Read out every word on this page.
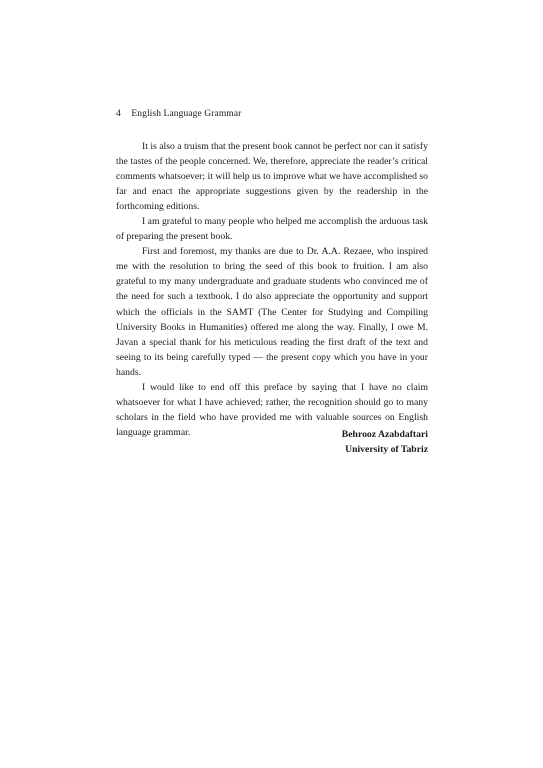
4 English Language Grammar

It is also a truism that the present book cannot be perfect nor can it satisfy the tastes of the people concerned. We, therefore, appreciate the reader’s critical comments whatsoever; it will help us to improve what we have accomplished so far and enact the appropriate suggestions given by the readership in the forthcoming editions.

I am grateful to many people who helped me accomplish the arduous task of preparing the present book.

First and foremost, my thanks are due to Dr. A.A. Rezaee, who inspired me with the resolution to bring the seed of this book to fruition. I am also grateful to my many undergraduate and graduate students who convinced me of the need for such a textbook. I do also appreciate the opportunity and support which the officials in the SAMT (The Center for Studying and Compiling University Books in Humanities) offered me along the way. Finally, I owe M. Javan a special thank for his meticulous reading the first draft of the text and seeing to its being carefully typed — the present copy which you have in your hands.

I would like to end off this preface by saying that I have no claim whatsoever for what I have achieved; rather, the recognition should go to many scholars in the field who have provided me with valuable sources on English language grammar.	Behrooz Azabdaftari
University of Tabriz
